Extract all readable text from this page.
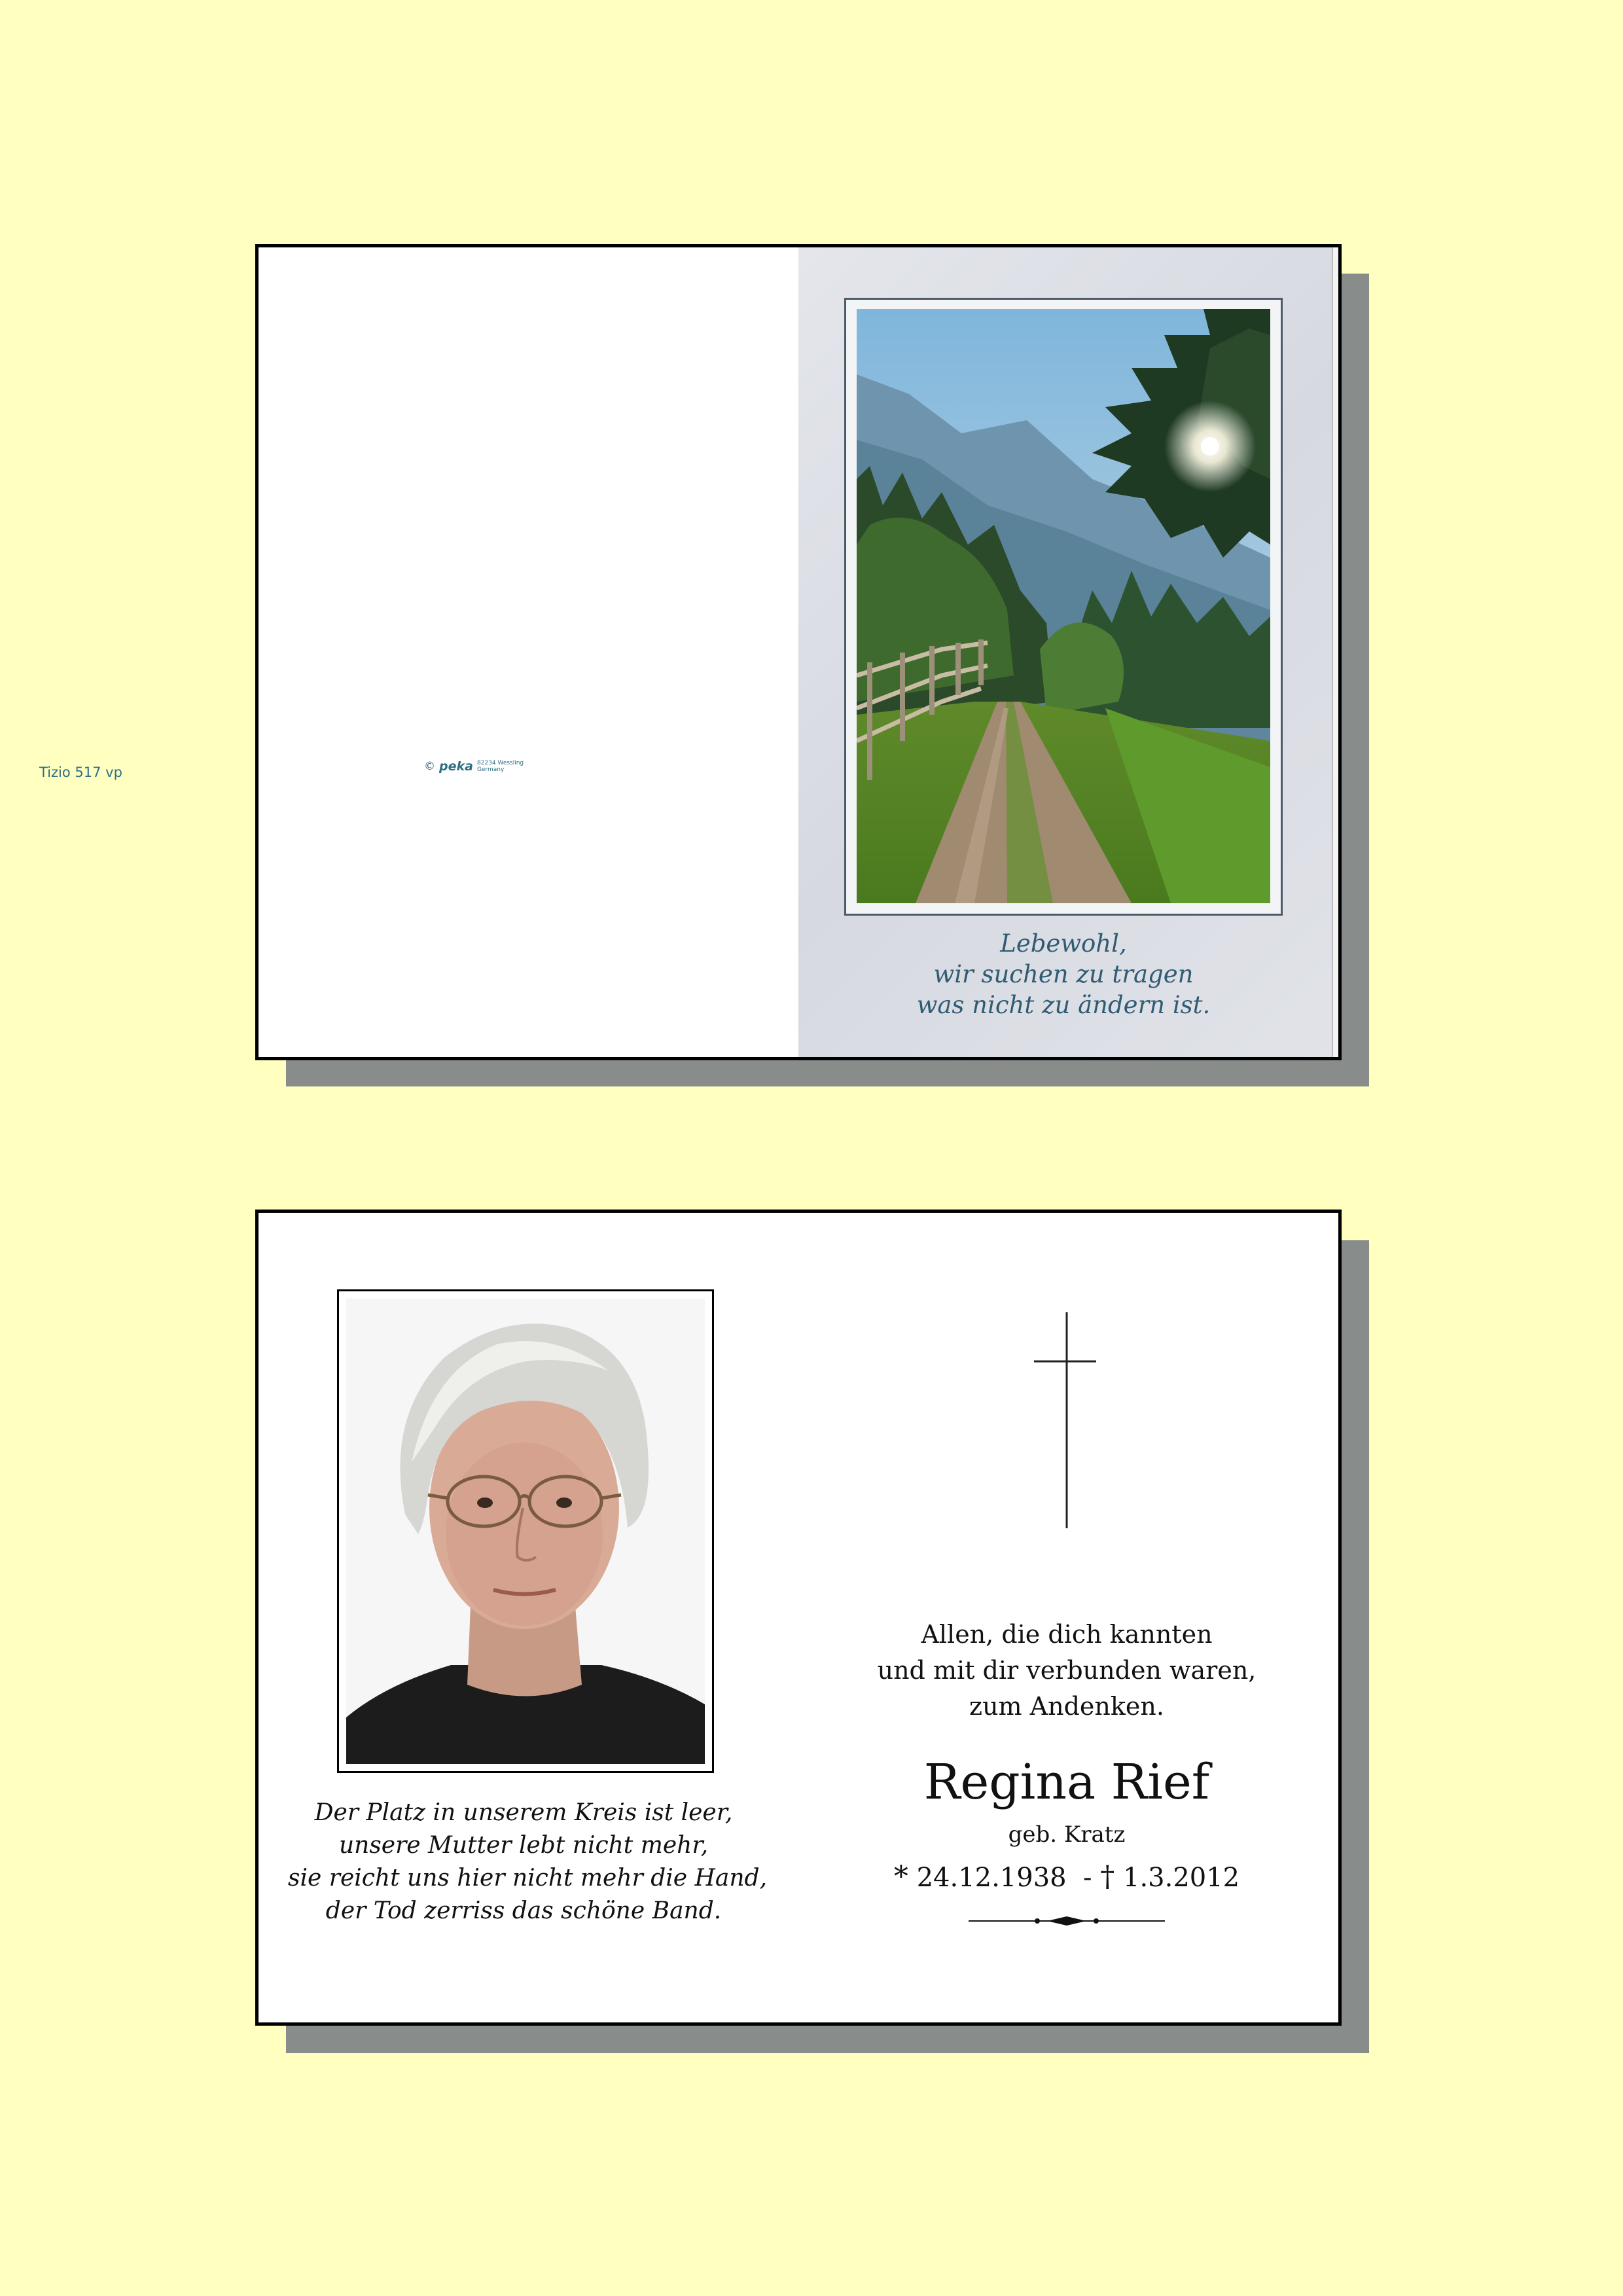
Tizio 517 vp	© peka 82234 Wessling
Germany
Lebewohl,
wir suchen zu tragen
was nicht zu ändern ist.
Der Platz in unserem Kreis ist leer,
unsere Mutter lebt nicht mehr,
sie reicht uns hier nicht mehr die Hand,
der Tod zerriss das schöne Band.
Allen, die dich kannten
und mit dir verbunden waren,
zum Andenken.
Regina Rief
geb. Kratz
* 24.12.1938 - † 1.3.2012
